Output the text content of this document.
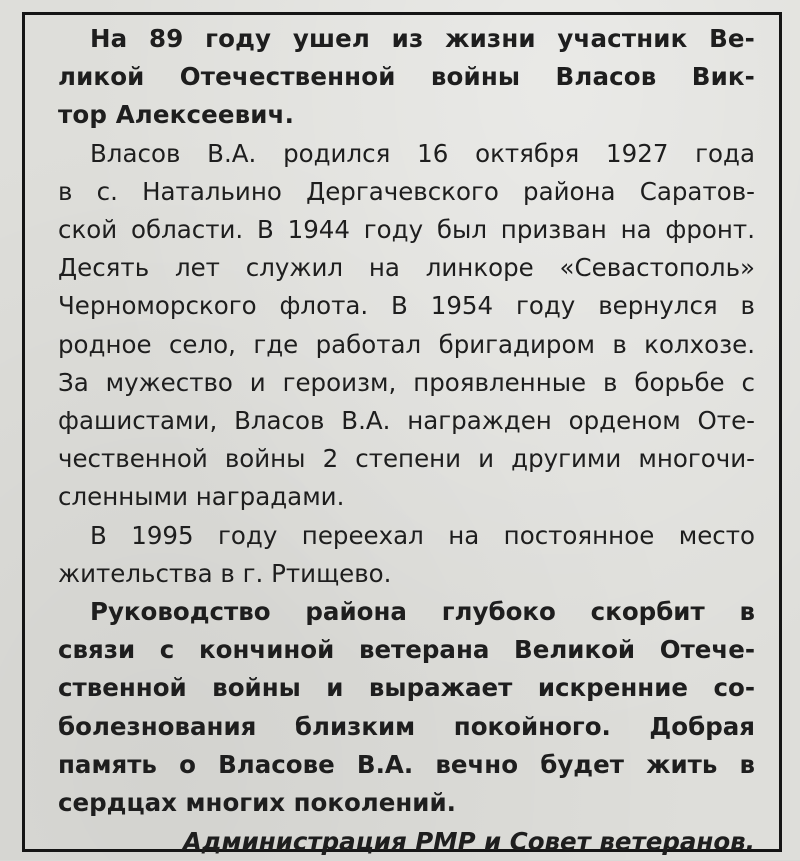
На 89 году ушел из жизни участник Ве-
ликой Отечественной войны Власов Вик-
тор Алексеевич.

Власов В.А. родился 16 октября 1927 года
в с. Натальино Дергачевского района Саратов-
ской области. В 1944 году был призван на фронт.
Десять лет служил на линкоре «Севастополь»
Черноморского флота. В 1954 году вернулся в
родное село, где работал бригадиром в колхозе.
За мужество и героизм, проявленные в борьбе с
фашистами, Власов В.А. награжден орденом Оте-
чественной войны 2 степени и другими многочи-
сленными наградами.

В 1995 году переехал на постоянное место
жительства в г. Ртищево.

Руководство района глубоко скорбит в
связи с кончиной ветерана Великой Отече-
ственной войны и выражает искренние со-
болезнования близким покойного. Добрая
память о Власове В.А. вечно будет жить в
сердцах многих поколений.

Администрация РМР и Совет ветеранов.
